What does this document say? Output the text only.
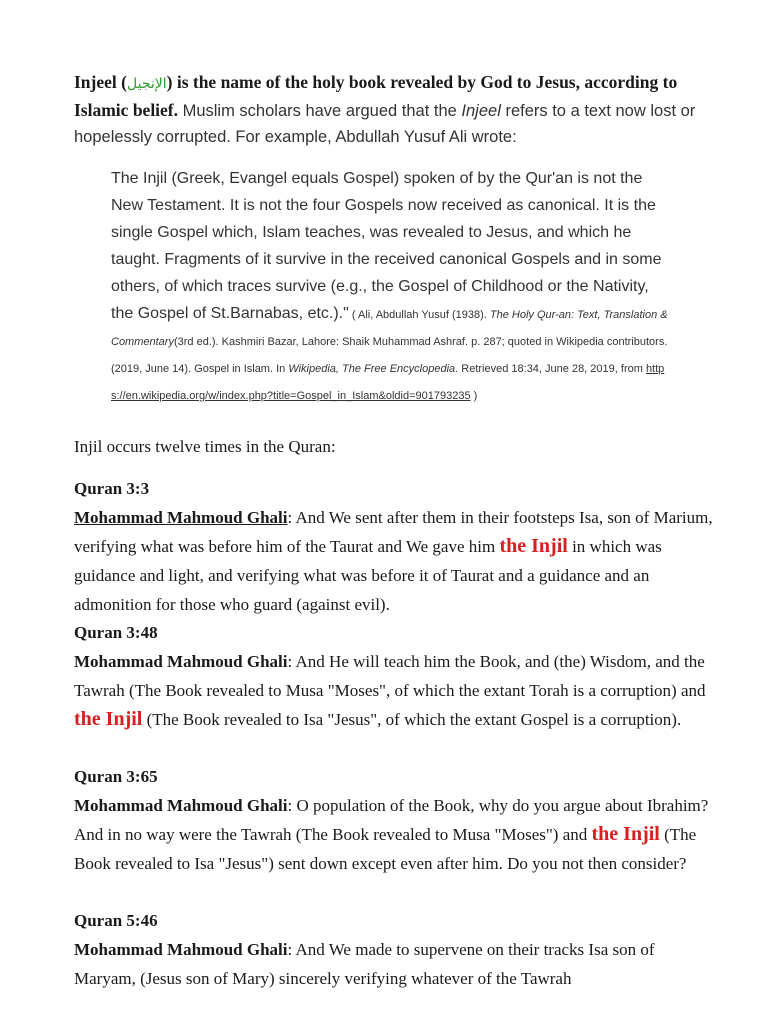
Injeel (الإنجيل) is the name of the holy book revealed by God to Jesus, according to Islamic belief. Muslim scholars have argued that the Injeel refers to a text now lost or hopelessly corrupted. For example, Abdullah Yusuf Ali wrote:

The Injil (Greek, Evangel equals Gospel) spoken of by the Qur'an is not the New Testament. It is not the four Gospels now received as canonical. It is the single Gospel which, Islam teaches, was revealed to Jesus, and which he taught. Fragments of it survive in the received canonical Gospels and in some others, of which traces survive (e.g., the Gospel of Childhood or the Nativity, the Gospel of St.Barnabas, etc.)." ( Ali, Abdullah Yusuf (1938). The Holy Qur-an: Text, Translation & Commentary(3rd ed.). Kashmiri Bazar, Lahore: Shaik Muhammad Ashraf. p. 287; quoted in Wikipedia contributors. (2019, June 14). Gospel in Islam. In Wikipedia, The Free Encyclopedia. Retrieved 18:34, June 28, 2019, from https://en.wikipedia.org/w/index.php?title=Gospel_in_Islam&oldid=901793235 )
Injil occurs twelve times in the Quran:
Quran 3:3
Mohammad Mahmoud Ghali: And We sent after them in their footsteps Isa, son of Marium, verifying what was before him of the Taurat and We gave him the Injil in which was guidance and light, and verifying what was before it of Taurat and a guidance and an admonition for those who guard (against evil).
Quran 3:48
Mohammad Mahmoud Ghali: And He will teach him the Book, and (the) Wisdom, and the Tawrah (The Book revealed to Musa "Moses", of which the extant Torah is a corruption) and the Injil (The Book revealed to Isa "Jesus", of which the extant Gospel is a corruption).
Quran 3:65
Mohammad Mahmoud Ghali: O population of the Book, why do you argue about Ibrahim? And in no way were the Tawrah (The Book revealed to Musa "Moses") and the Injil (The Book revealed to Isa "Jesus") sent down except even after him. Do you not then consider?
Quran 5:46
Mohammad Mahmoud Ghali: And We made to supervene on their tracks Isa son of Maryam, (Jesus son of Mary) sincerely verifying whatever of the Tawrah
